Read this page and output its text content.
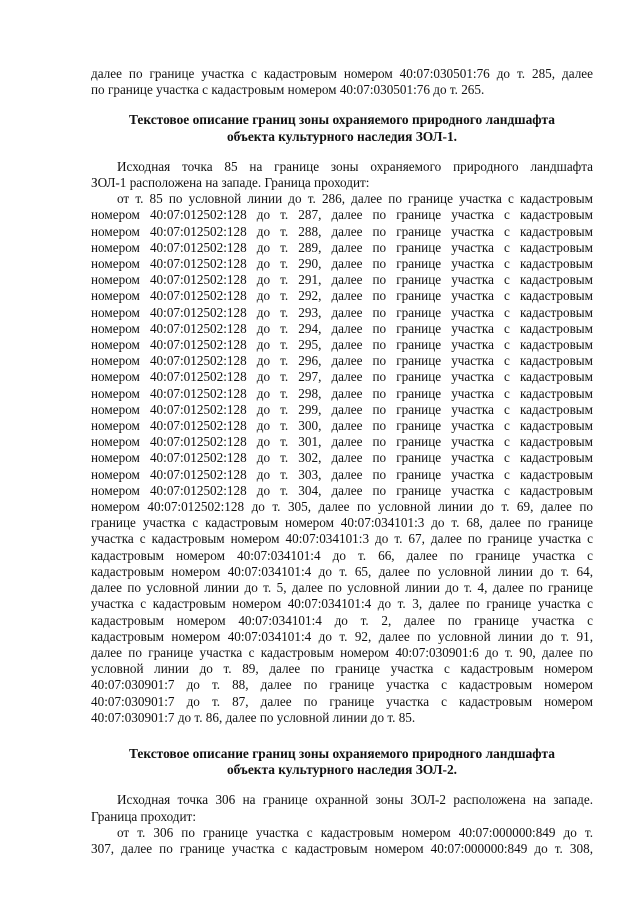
далее по границе участка с кадастровым номером 40:07:030501:76 до т. 285, далее
по границе участка с кадастровым номером 40:07:030501:76 до т. 265.

Текстовое описание границ зоны охраняемого природного ландшафта
объекта культурного наследия ЗОЛ-1.

Исходная точка 85 на границе зоны охраняемого природного ландшафта
ЗОЛ-1 расположена на западе. Граница проходит:
от т. 85 по условной линии до т. 286, далее по границе участка с кадастровым
номером 40:07:012502:128 до т. 287, далее по границе участка с кадастровым
номером 40:07:012502:128 до т. 288, далее по границе участка с кадастровым
номером 40:07:012502:128 до т. 289, далее по границе участка с кадастровым
номером 40:07:012502:128 до т. 290, далее по границе участка с кадастровым
номером 40:07:012502:128 до т. 291, далее по границе участка с кадастровым
номером 40:07:012502:128 до т. 292, далее по границе участка с кадастровым
номером 40:07:012502:128 до т. 293, далее по границе участка с кадастровым
номером 40:07:012502:128 до т. 294, далее по границе участка с кадастровым
номером 40:07:012502:128 до т. 295, далее по границе участка с кадастровым
номером 40:07:012502:128 до т. 296, далее по границе участка с кадастровым
номером 40:07:012502:128 до т. 297, далее по границе участка с кадастровым
номером 40:07:012502:128 до т. 298, далее по границе участка с кадастровым
номером 40:07:012502:128 до т. 299, далее по границе участка с кадастровым
номером 40:07:012502:128 до т. 300, далее по границе участка с кадастровым
номером 40:07:012502:128 до т. 301, далее по границе участка с кадастровым
номером 40:07:012502:128 до т. 302, далее по границе участка с кадастровым
номером 40:07:012502:128 до т. 303, далее по границе участка с кадастровым
номером 40:07:012502:128 до т. 304, далее по границе участка с кадастровым
номером 40:07:012502:128 до т. 305, далее по условной линии до т. 69, далее по
границе участка с кадастровым номером 40:07:034101:3 до т. 68, далее по границе
участка с кадастровым номером 40:07:034101:3 до т. 67, далее по границе участка с
кадастровым номером 40:07:034101:4 до т. 66, далее по границе участка с
кадастровым номером 40:07:034101:4 до т. 65, далее по условной линии до т. 64,
далее по условной линии до т. 5, далее по условной линии до т. 4, далее по границе
участка с кадастровым номером 40:07:034101:4 до т. 3, далее по границе участка с
кадастровым номером 40:07:034101:4 до т. 2, далее по границе участка с
кадастровым номером 40:07:034101:4 до т. 92, далее по условной линии до т. 91,
далее по границе участка с кадастровым номером 40:07:030901:6 до т. 90, далее по
условной линии до т. 89, далее по границе участка с кадастровым номером
40:07:030901:7 до т. 88, далее по границе участка с кадастровым номером
40:07:030901:7 до т. 87, далее по границе участка с кадастровым номером
40:07:030901:7 до т. 86, далее по условной линии до т. 85.

Текстовое описание границ зоны охраняемого природного ландшафта
объекта культурного наследия ЗОЛ-2.

Исходная точка 306 на границе охранной зоны ЗОЛ-2 расположена на западе.
Граница проходит:
от т. 306 по границе участка с кадастровым номером 40:07:000000:849 до т.
307, далее по границе участка с кадастровым номером 40:07:000000:849 до т. 308,
